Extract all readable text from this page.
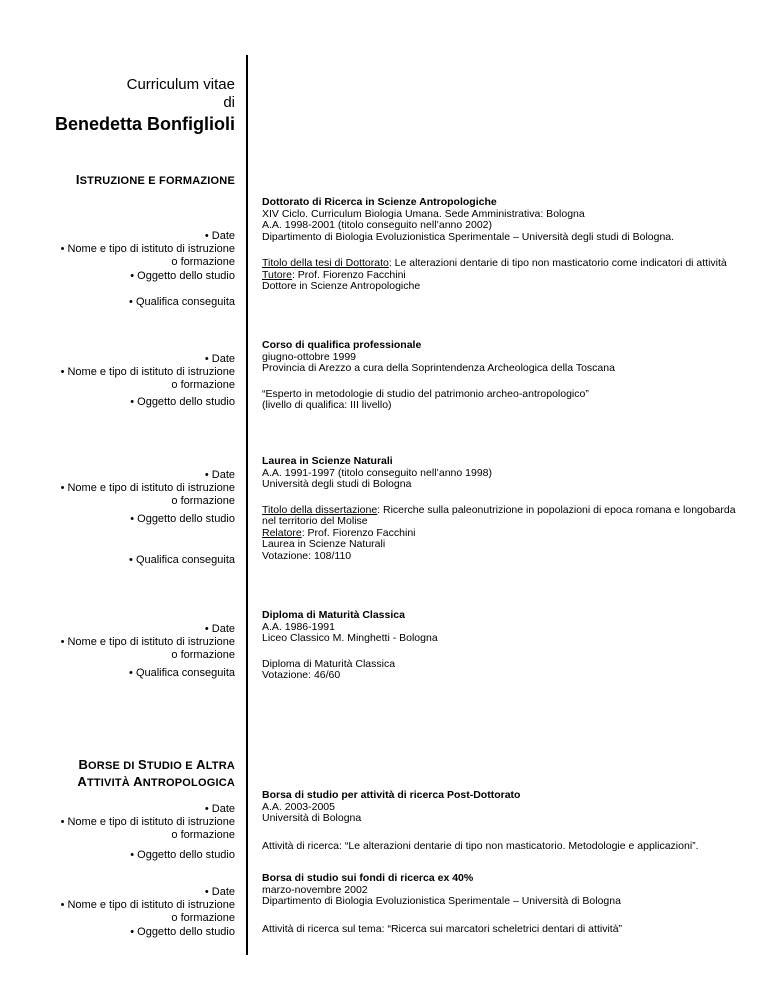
Curriculum vitae
di
Benedetta Bonfiglioli
ISTRUZIONE E FORMAZIONE
• Date
• Nome e tipo di istituto di istruzione
o formazione
• Oggetto dello studio
• Qualifica conseguita
Dottorato di Ricerca in Scienze Antropologiche
XIV Ciclo. Curriculum Biologia Umana. Sede Amministrativa: Bologna
A.A. 1998-2001 (titolo conseguito nell’anno 2002)
Dipartimento di Biologia Evoluzionistica Sperimentale – Università degli studi di Bologna.
Titolo della tesi di Dottorato: Le alterazioni dentarie di tipo non masticatorio come indicatori di attività
Tutore: Prof. Fiorenzo Facchini
Dottore in Scienze Antropologiche
• Date
• Nome e tipo di istituto di istruzione
o formazione
• Oggetto dello studio
Corso di qualifica professionale
giugno-ottobre 1999
Provincia di Arezzo a cura della Soprintendenza Archeologica della Toscana
“Esperto in metodologie di studio del patrimonio archeo-antropologico”
(livello di qualifica: III livello)
• Date
• Nome e tipo di istituto di istruzione
o formazione
• Oggetto dello studio
• Qualifica conseguita
Laurea in Scienze Naturali
A.A. 1991-1997 (titolo conseguito nell’anno 1998)
Università degli studi di Bologna
Titolo della dissertazione: Ricerche sulla paleonutrizione in popolazioni di epoca romana e longobarda
nel territorio del Molise
Relatore: Prof. Fiorenzo Facchini
Laurea in Scienze Naturali
Votazione: 108/110
• Date
• Nome e tipo di istituto di istruzione
o formazione
• Qualifica conseguita
Diploma di Maturità Classica
A.A. 1986-1991
Liceo Classico M. Minghetti - Bologna
Diploma di Maturità Classica
Votazione: 46/60
BORSE DI STUDIO E ALTRA
ATTIVITÀ ANTROPOLOGICA
• Date
• Nome e tipo di istituto di istruzione
o formazione
• Oggetto dello studio
Borsa di studio per attività di ricerca Post-Dottorato
A.A. 2003-2005
Università di Bologna
Attività di ricerca: “Le alterazioni dentarie di tipo non masticatorio. Metodologie e applicazioni”.
• Date
• Nome e tipo di istituto di istruzione
o formazione
• Oggetto dello studio
Borsa di studio sui fondi di ricerca ex 40%
marzo-novembre 2002
Dipartimento di Biologia Evoluzionistica Sperimentale – Università di Bologna
Attività di ricerca sul tema: “Ricerca sui marcatori scheletrici dentari di attività”
